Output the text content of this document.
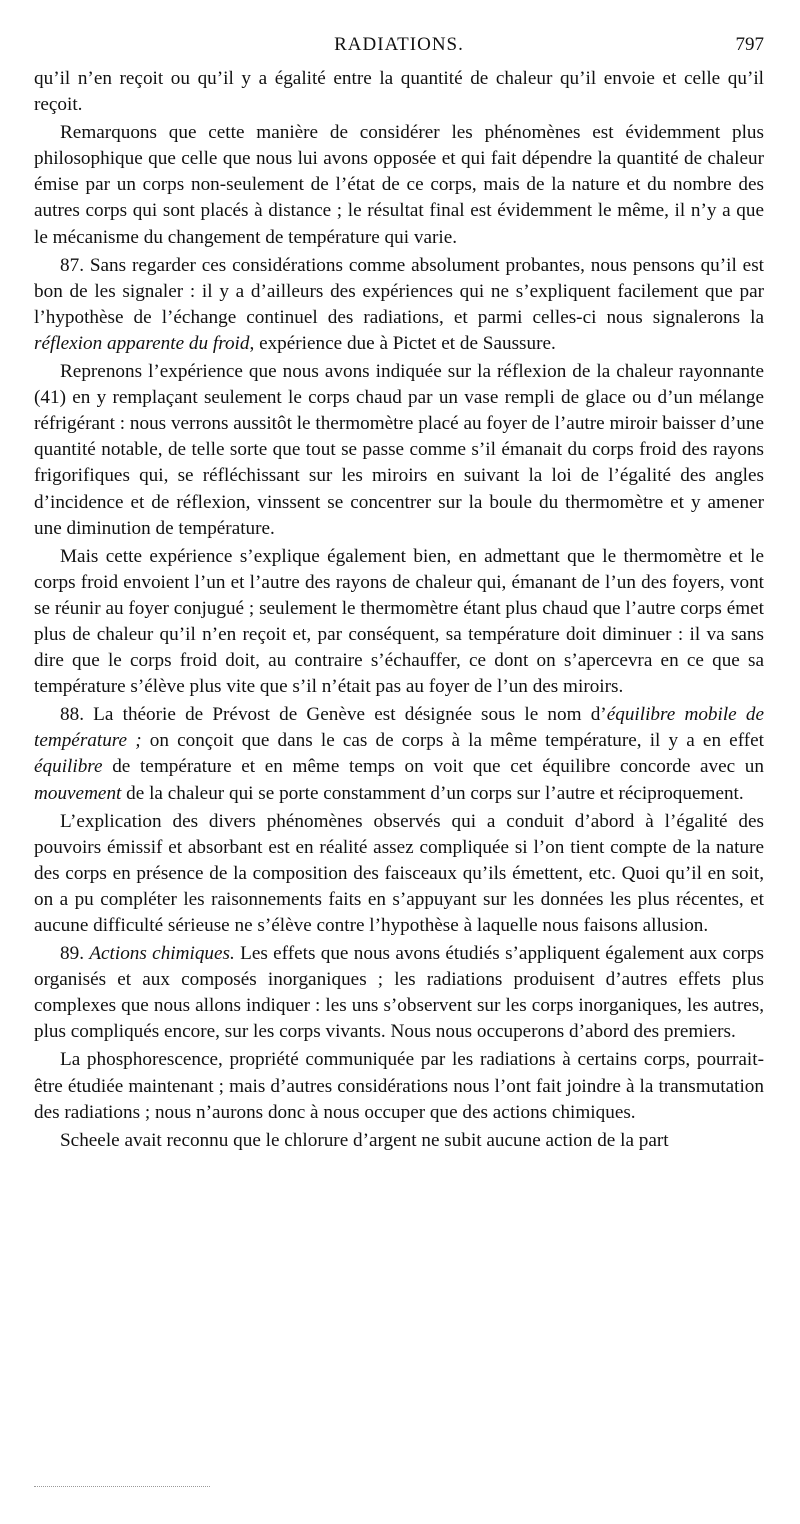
RADIATIONS.	797

qu’il n’en reçoit ou qu’il y a égalité entre la quantité de chaleur qu’il envoie et celle qu’il reçoit.

Remarquons que cette manière de considérer les phénomènes est évidemment plus philosophique que celle que nous lui avons opposée et qui fait dépendre la quantité de chaleur émise par un corps non-seulement de l’état de ce corps, mais de la nature et du nombre des autres corps qui sont placés à distance ; le résultat final est évidemment le même, il n’y a que le mécanisme du changement de température qui varie.

87. Sans regarder ces considérations comme absolument probantes, nous pensons qu’il est bon de les signaler : il y a d’ailleurs des expériences qui ne s’expliquent facilement que par l’hypothèse de l’échange continuel des radiations, et parmi celles-ci nous signalerons la réflexion apparente du froid, expérience due à Pictet et de Saussure.

Reprenons l’expérience que nous avons indiquée sur la réflexion de la chaleur rayonnante (41) en y remplaçant seulement le corps chaud par un vase rempli de glace ou d’un mélange réfrigérant : nous verrons aussitôt le thermomètre placé au foyer de l’autre miroir baisser d’une quantité notable, de telle sorte que tout se passe comme s’il émanait du corps froid des rayons frigorifiques qui, se réfléchissant sur les miroirs en suivant la loi de l’égalité des angles d’incidence et de réflexion, vinssent se concentrer sur la boule du thermomètre et y amener une diminution de température.

Mais cette expérience s’explique également bien, en admettant que le thermomètre et le corps froid envoient l’un et l’autre des rayons de chaleur qui, émanant de l’un des foyers, vont se réunir au foyer conjugué ; seulement le thermomètre étant plus chaud que l’autre corps émet plus de chaleur qu’il n’en reçoit et, par conséquent, sa température doit diminuer : il va sans dire que le corps froid doit, au contraire s’échauffer, ce dont on s’apercevra en ce que sa température s’élève plus vite que s’il n’était pas au foyer de l’un des miroirs.

88. La théorie de Prévost de Genève est désignée sous le nom d’équilibre mobile de température ; on conçoit que dans le cas de corps à la même température, il y a en effet équilibre de température et en même temps on voit que cet équilibre concorde avec un mouvement de la chaleur qui se porte constamment d’un corps sur l’autre et réciproquement.

L’explication des divers phénomènes observés qui a conduit d’abord à l’égalité des pouvoirs émissif et absorbant est en réalité assez compliquée si l’on tient compte de la nature des corps en présence de la composition des faisceaux qu’ils émettent, etc. Quoi qu’il en soit, on a pu compléter les raisonnements faits en s’appuyant sur les données les plus récentes, et aucune difficulté sérieuse ne s’élève contre l’hypothèse à laquelle nous faisons allusion.

89. Actions chimiques. Les effets que nous avons étudiés s’appliquent également aux corps organisés et aux composés inorganiques ; les radiations produisent d’autres effets plus complexes que nous allons indiquer : les uns s’observent sur les corps inorganiques, les autres, plus compliqués encore, sur les corps vivants. Nous nous occuperons d’abord des premiers.

La phosphorescence, propriété communiquée par les radiations à certains corps, pourrait-être étudiée maintenant ; mais d’autres considérations nous l’ont fait joindre à la transmutation des radiations ; nous n’aurons donc à nous occuper que des actions chimiques.

Scheele avait reconnu que le chlorure d’argent ne subit aucune action de la part
